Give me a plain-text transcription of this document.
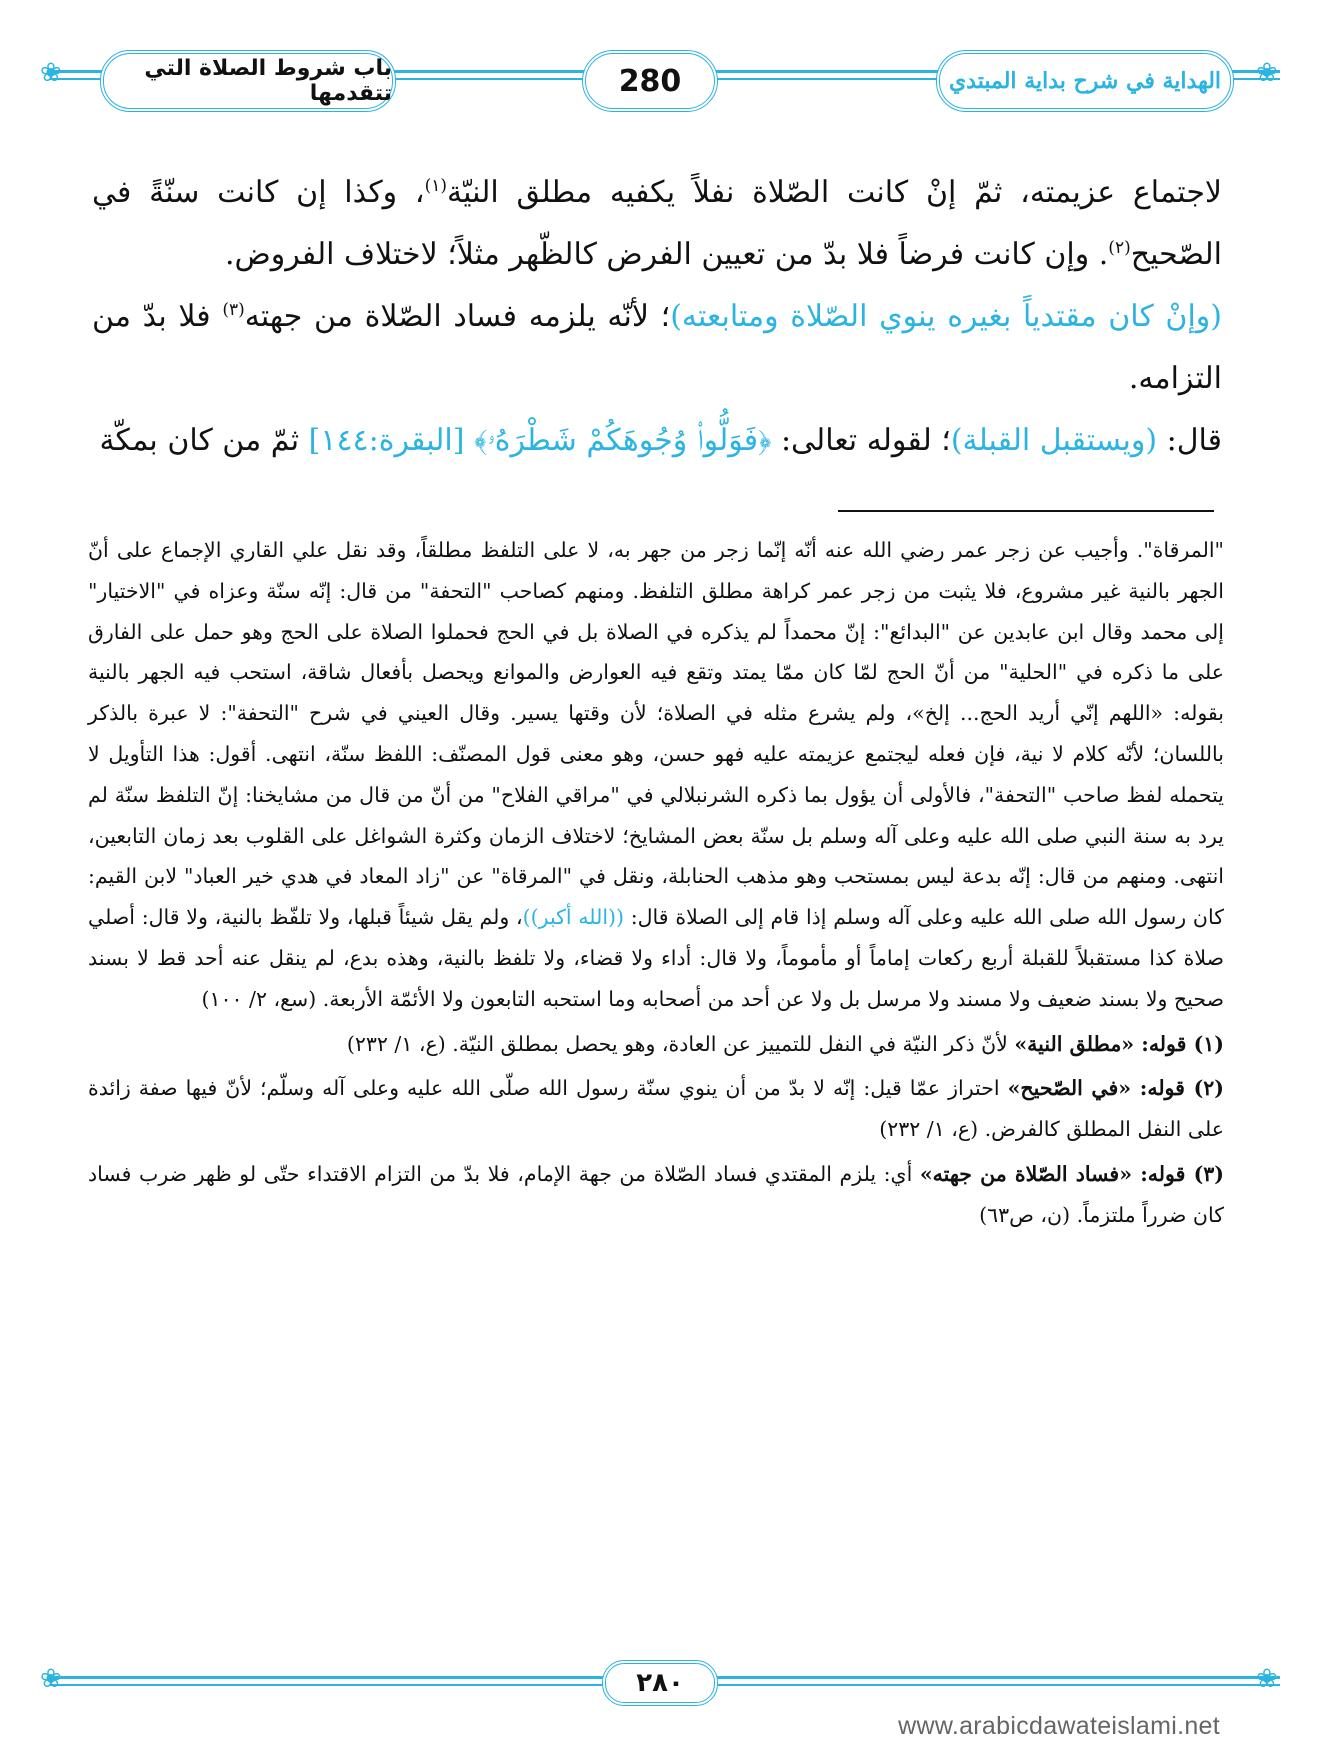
❀	❀
باب شروط الصلاة التي تتقدمها	280	الهداية في شرح بداية المبتدي

لاجتماع عزيمته، ثمّ إنْ كانت الصّلاة نفلاً يكفيه مطلق النيّة$^{(١)}$، وكذا إن كانت سنّةً في الصّحيح$^{(٢)}$. وإن كانت فرضاً فلا بدّ من تعيين الفرض كالظّهر مثلاً؛ لاختلاف الفروض.

(وإنْ كان مقتدياً بغيره ينوي الصّلاة ومتابعته)؛ لأنّه يلزمه فساد الصّلاة من جهته$^{(٣)}$ فلا بدّ من التزامه.

قال: (ويستقبل القبلة)؛ لقوله تعالى: ﴿فَوَلُّوا۟ وُجُوهَكُمْ شَطْرَهُۥ﴾ [البقرة:١٤٤] ثمّ من كان بمكّة

"المرقاة". وأجيب عن زجر عمر رضي الله عنه أنّه إنّما زجر من جهر به، لا على التلفظ مطلقاً، وقد نقل علي القاري الإجماع على أنّ الجهر بالنية غير مشروع، فلا يثبت من زجر عمر كراهة مطلق التلفظ. ومنهم كصاحب "التحفة" من قال: إنّه سنّة وعزاه في "الاختيار" إلى محمد وقال ابن عابدين عن "البدائع": إنّ محمداً لم يذكره في الصلاة بل في الحج فحملوا الصلاة على الحج وهو حمل على الفارق على ما ذكره في "الحلية" من أنّ الحج لمّا كان ممّا يمتد وتقع فيه العوارض والموانع ويحصل بأفعال شاقة، استحب فيه الجهر بالنية بقوله: «اللهم إنّي أريد الحج... إلخ»، ولم يشرع مثله في الصلاة؛ لأن وقتها يسير. وقال العيني في شرح "التحفة": لا عبرة بالذكر باللسان؛ لأنّه كلام لا نية، فإن فعله ليجتمع عزيمته عليه فهو حسن، وهو معنى قول المصنّف: اللفظ سنّة، انتهى. أقول: هذا التأويل لا يتحمله لفظ صاحب "التحفة"، فالأولى أن يؤول بما ذكره الشرنبلالي في "مراقي الفلاح" من أنّ من قال من مشايخنا: إنّ التلفظ سنّة لم يرد به سنة النبي صلى الله عليه وعلى آله وسلم بل سنّة بعض المشايخ؛ لاختلاف الزمان وكثرة الشواغل على القلوب بعد زمان التابعين، انتهى. ومنهم من قال: إنّه بدعة ليس بمستحب وهو مذهب الحنابلة، ونقل في "المرقاة" عن "زاد المعاد في هدي خير العباد" لابن القيم: كان رسول الله صلى الله عليه وعلى آله وسلم إذا قام إلى الصلاة قال: ((الله أكبر))، ولم يقل شيئاً قبلها، ولا تلفّظ بالنية، ولا قال: أصلي صلاة كذا مستقبلاً للقبلة أربع ركعات إماماً أو مأموماً، ولا قال: أداء ولا قضاء، ولا تلفظ بالنية، وهذه بدع، لم ينقل عنه أحد قط لا بسند صحيح ولا بسند ضعيف ولا مسند ولا مرسل بل ولا عن أحد من أصحابه وما استحبه التابعون ولا الأئمّة الأربعة. (سع، ٢/ ١٠٠)

(١) قوله: «مطلق النية» لأنّ ذكر النيّة في النفل للتمييز عن العادة، وهو يحصل بمطلق النيّة. (ع، ١/ ٢٣٢)

(٢) قوله: «في الصّحيح» احتراز عمّا قيل: إنّه لا بدّ من أن ينوي سنّة رسول الله صلّى الله عليه وعلى آله وسلّم؛ لأنّ فيها صفة زائدة على النفل المطلق كالفرض. (ع، ١/ ٢٣٢)

(٣) قوله: «فساد الصّلاة من جهته» أي: يلزم المقتدي فساد الصّلاة من جهة الإمام، فلا بدّ من التزام الاقتداء حتّى لو ظهر ضرب فساد كان ضرراً ملتزماً. (ن، ص٦٣)

❀	❀
٢٨٠
www.arabicdawateislami.net
